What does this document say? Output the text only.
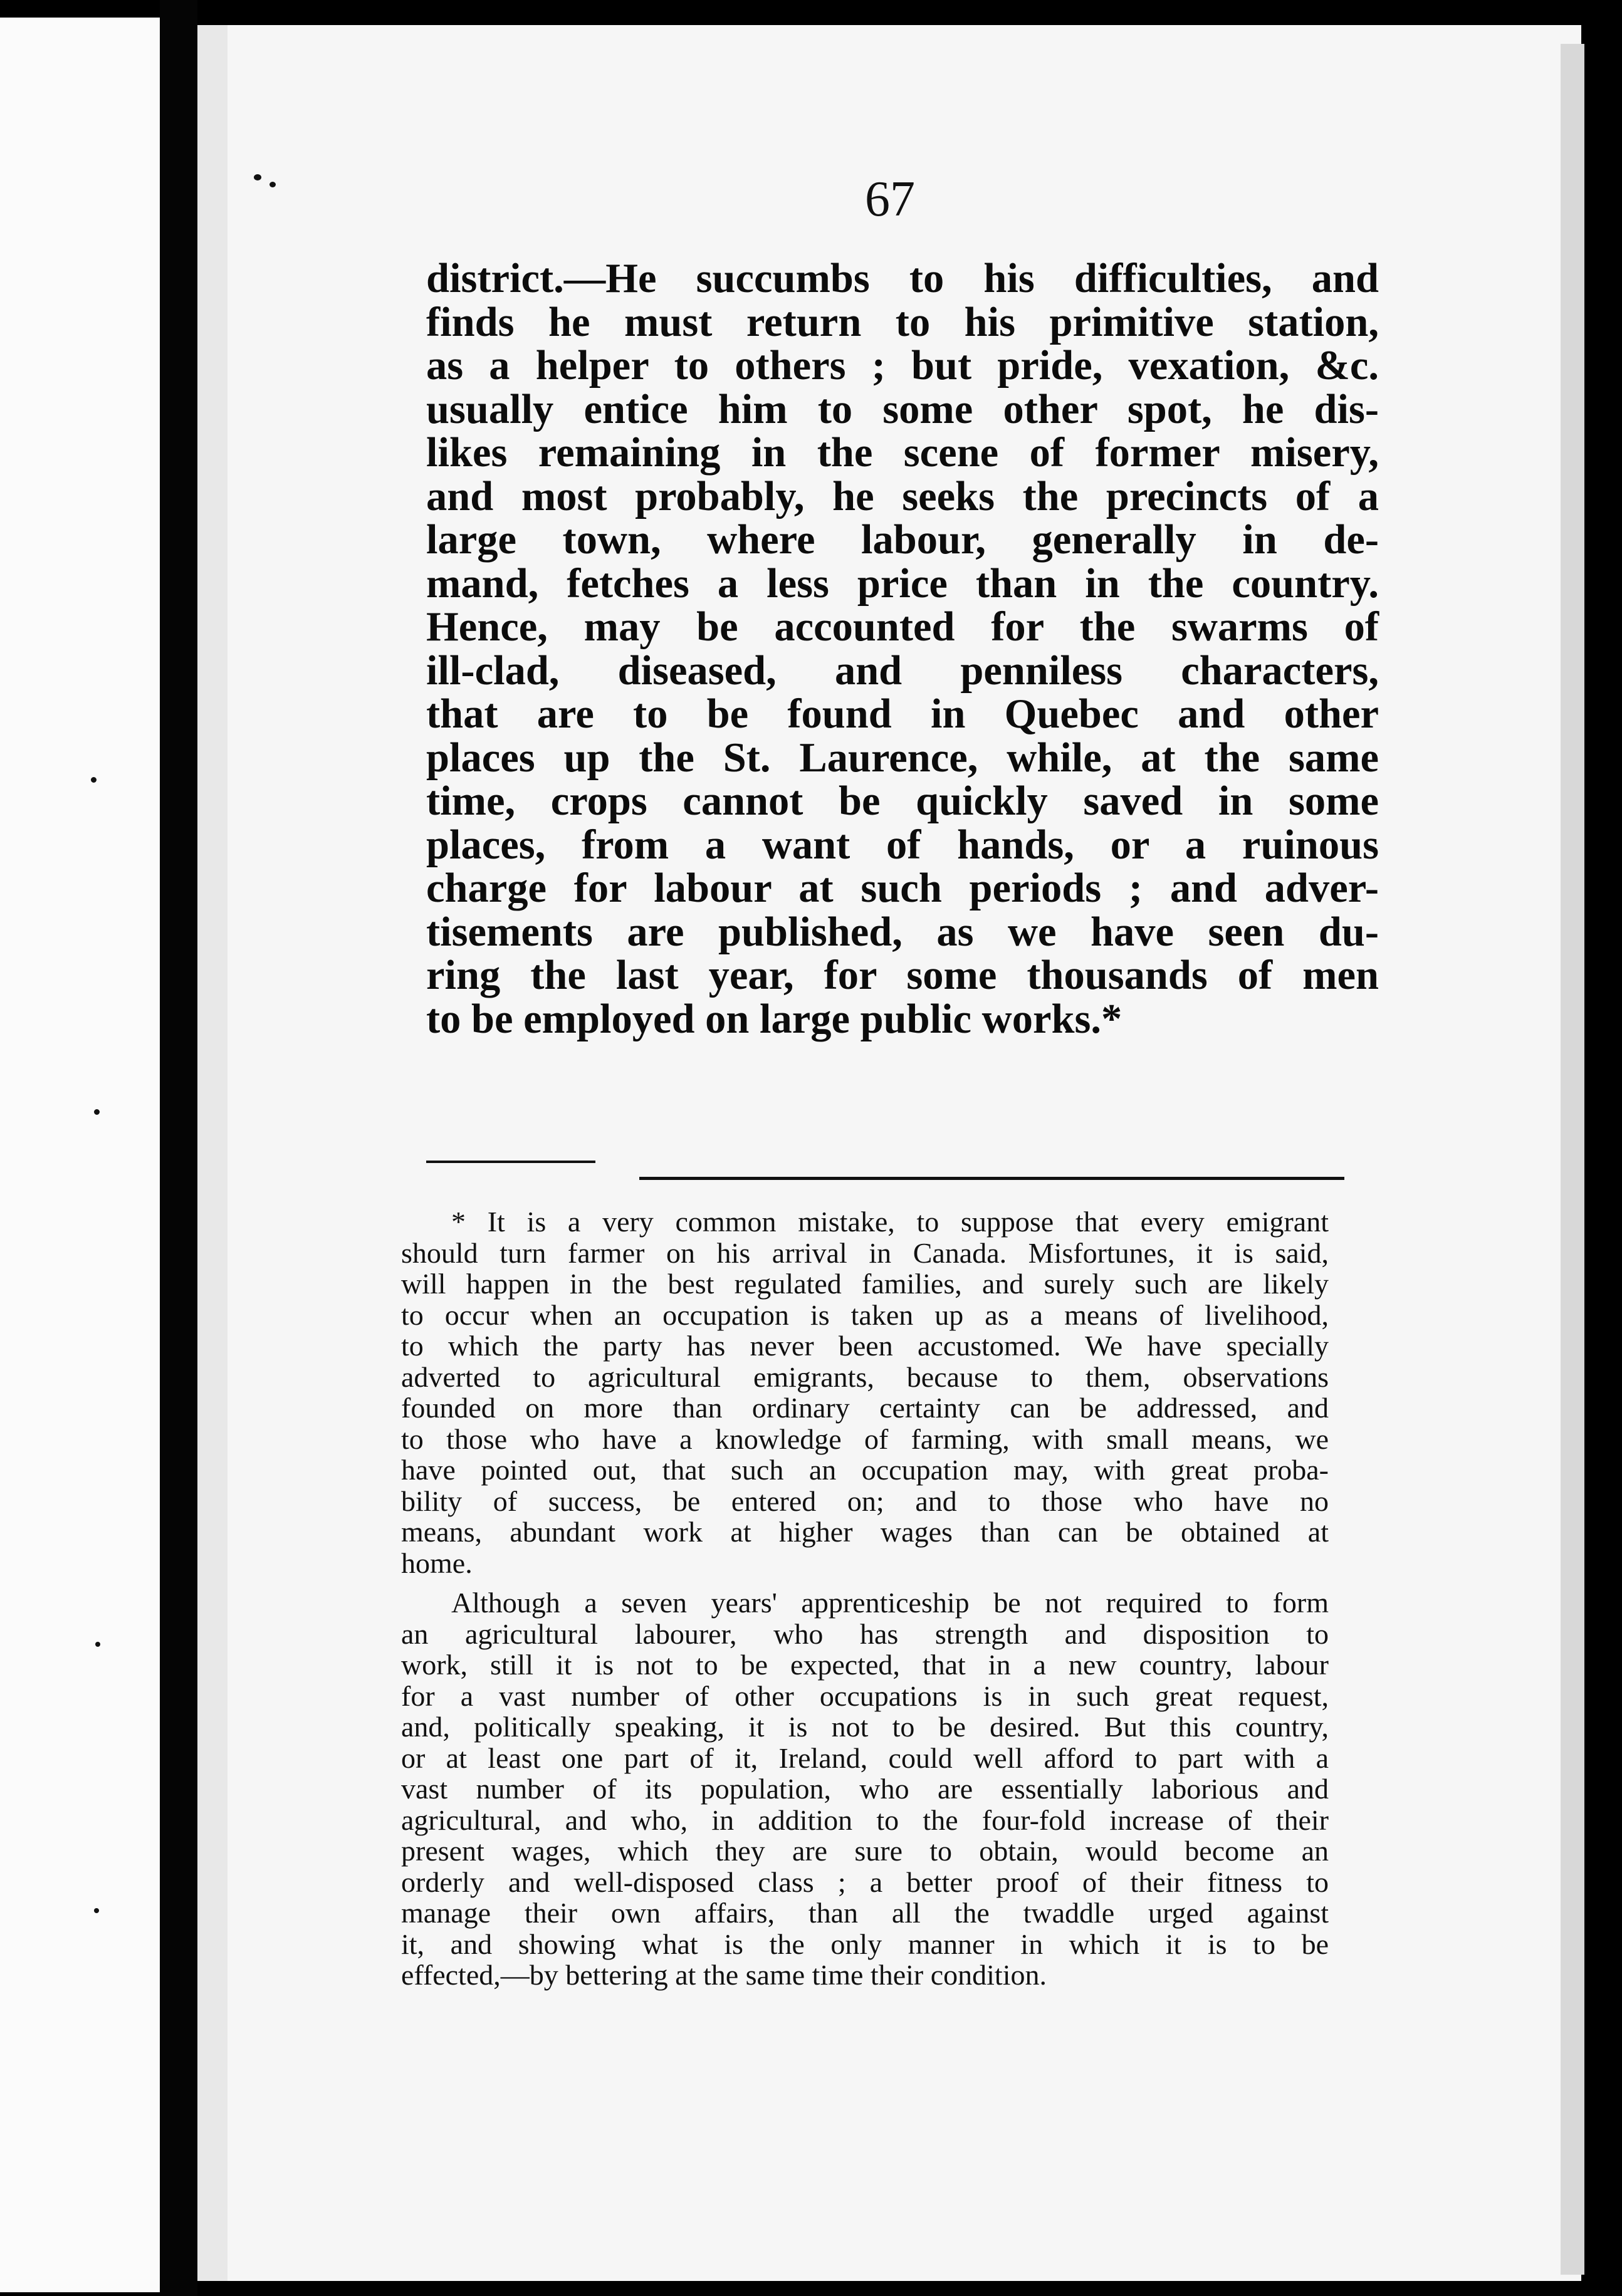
67
district.—He succumbs to his difficulties, and
finds he must return to his primitive station,
as a helper to others ; but pride, vexation, &c.
usually entice him to some other spot, he dis-
likes remaining in the scene of former misery,
and most probably, he seeks the precincts of a
large town, where labour, generally in de-
mand, fetches a less price than in the country.
Hence, may be accounted for the swarms of
ill-clad, diseased, and penniless characters,
that are to be found in Quebec and other
places up the St. Laurence, while, at the same
time, crops cannot be quickly saved in some
places, from a want of hands, or a ruinous
charge for labour at such periods ; and adver-
tisements are published, as we have seen du-
ring the last year, for some thousands of men
to be employed on large public works.*

* It is a very common mistake, to suppose that every emigrant
should turn farmer on his arrival in Canada. Misfortunes, it is said,
will happen in the best regulated families, and surely such are likely
to occur when an occupation is taken up as a means of livelihood,
to which the party has never been accustomed. We have specially
adverted to agricultural emigrants, because to them, observations
founded on more than ordinary certainty can be addressed, and
to those who have a knowledge of farming, with small means, we
have pointed out, that such an occupation may, with great proba-
bility of success, be entered on; and to those who have no
means, abundant work at higher wages than can be obtained at
home.

Although a seven years' apprenticeship be not required to form
an agricultural labourer, who has strength and disposition to
work, still it is not to be expected, that in a new country, labour
for a vast number of other occupations is in such great request,
and, politically speaking, it is not to be desired. But this country,
or at least one part of it, Ireland, could well afford to part with a
vast number of its population, who are essentially laborious and
agricultural, and who, in addition to the four-fold increase of their
present wages, which they are sure to obtain, would become an
orderly and well-disposed class ; a better proof of their fitness to
manage their own affairs, than all the twaddle urged against
it, and showing what is the only manner in which it is to be
effected,—by bettering at the same time their condition.
